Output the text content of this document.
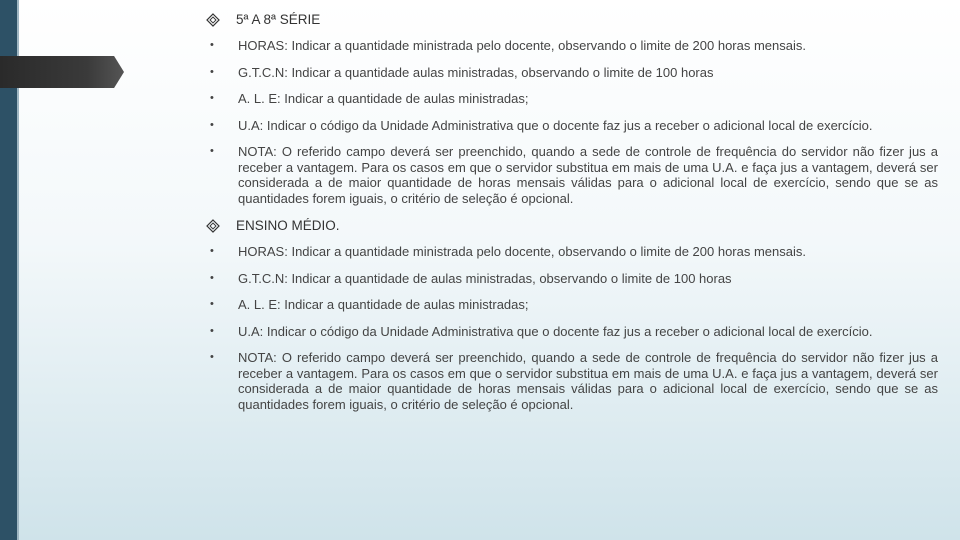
5ª A 8ª SÉRIE
•	HORAS: Indicar a quantidade ministrada pelo docente, observando o limite de 200 horas mensais.
•	G.T.C.N: Indicar a quantidade aulas ministradas, observando o limite de 100 horas
•	A. L. E: Indicar a quantidade de aulas ministradas;
•	U.A: Indicar o código da Unidade Administrativa que o docente faz jus a receber o adicional local de exercício.
•	NOTA: O referido campo deverá ser preenchido, quando a sede de controle de frequência do servidor não fizer jus a receber a vantagem. Para os casos em que o servidor substitua em mais de uma U.A. e faça jus a vantagem, deverá ser considerada a de maior quantidade de horas mensais válidas para o adicional local de exercício, sendo que se as quantidades forem iguais, o critério de seleção é opcional.
ENSINO MÉDIO.
•	HORAS: Indicar a quantidade ministrada pelo docente, observando o limite de 200 horas mensais.
•	G.T.C.N: Indicar a quantidade de aulas ministradas, observando o limite de 100 horas
•	A. L. E: Indicar a quantidade de aulas ministradas;
•	U.A: Indicar o código da Unidade Administrativa que o docente faz jus a receber o adicional local de exercício.
•	NOTA: O referido campo deverá ser preenchido, quando a sede de controle de frequência do servidor não fizer jus a receber a vantagem. Para os casos em que o servidor substitua em mais de uma U.A. e faça jus a vantagem, deverá ser considerada a de maior quantidade de horas mensais válidas para o adicional local de exercício, sendo que se as quantidades forem iguais, o critério de seleção é opcional.
